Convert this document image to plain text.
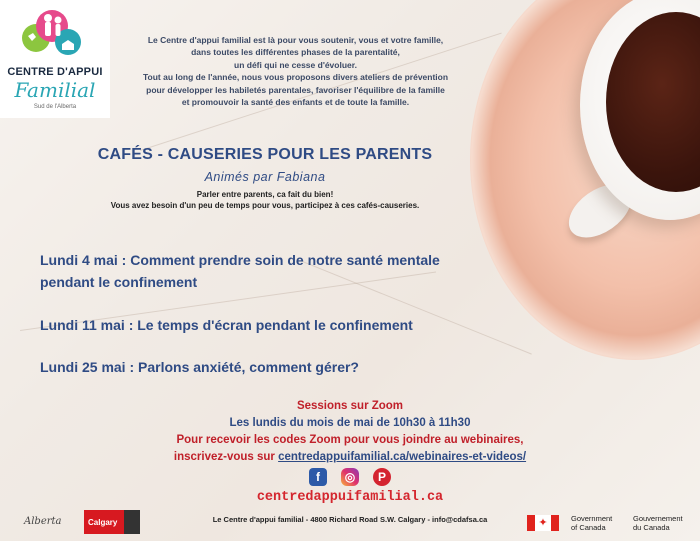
CENTRE D'APPUI
Familial
Sud de l'Alberta
Le Centre d'appui familial est là pour vous soutenir, vous et votre famille,
dans toutes les différentes phases de la parentalité,
un défi qui ne cesse d'évoluer.
Tout au long de l'année, nous vous proposons divers ateliers de prévention
pour développer les habiletés parentales, favoriser l'équilibre de la famille
et promouvoir la santé des enfants et de toute la famille.
CAFÉS - CAUSERIES POUR LES PARENTS
Animés par Fabiana
Parler entre parents, ca fait du bien!
Vous avez besoin d'un peu de temps pour vous, participez à ces cafés-causeries.
Lundi 4 mai : Comment prendre soin de notre santé mentale
pendant le confinement
Lundi 11 mai : Le temps d'écran pendant le confinement
Lundi 25 mai : Parlons anxiété, comment gérer?
Sessions sur Zoom
Les lundis du mois de mai de 10h30 à 11h30
Pour recevoir les codes Zoom pour vous joindre au webinaires,
inscrivez-vous sur centredappuifamilial.ca/webinaires-et-videos/
f	◎	P
centredappuifamilial.ca
Alberta	Calgary	Le Centre d'appui familial - 4800 Richard Road S.W. Calgary - info@cdafsa.ca	✦	Government
of Canada
Gouvernement
du Canada
